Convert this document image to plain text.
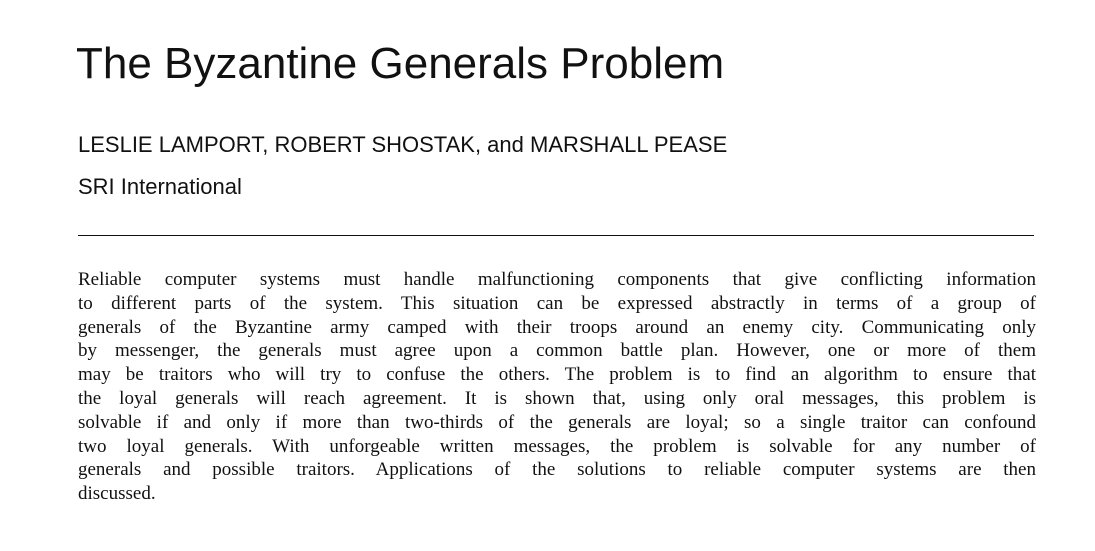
The Byzantine Generals Problem

LESLIE LAMPORT, ROBERT SHOSTAK, and MARSHALL PEASE

SRI International

Reliable computer systems must handle malfunctioning components that give conflicting information
to different parts of the system. This situation can be expressed abstractly in terms of a group of
generals of the Byzantine army camped with their troops around an enemy city. Communicating only
by messenger, the generals must agree upon a common battle plan. However, one or more of them
may be traitors who will try to confuse the others. The problem is to find an algorithm to ensure that
the loyal generals will reach agreement. It is shown that, using only oral messages, this problem is
solvable if and only if more than two-thirds of the generals are loyal; so a single traitor can confound
two loyal generals. With unforgeable written messages, the problem is solvable for any number of
generals and possible traitors. Applications of the solutions to reliable computer systems are then
discussed.
